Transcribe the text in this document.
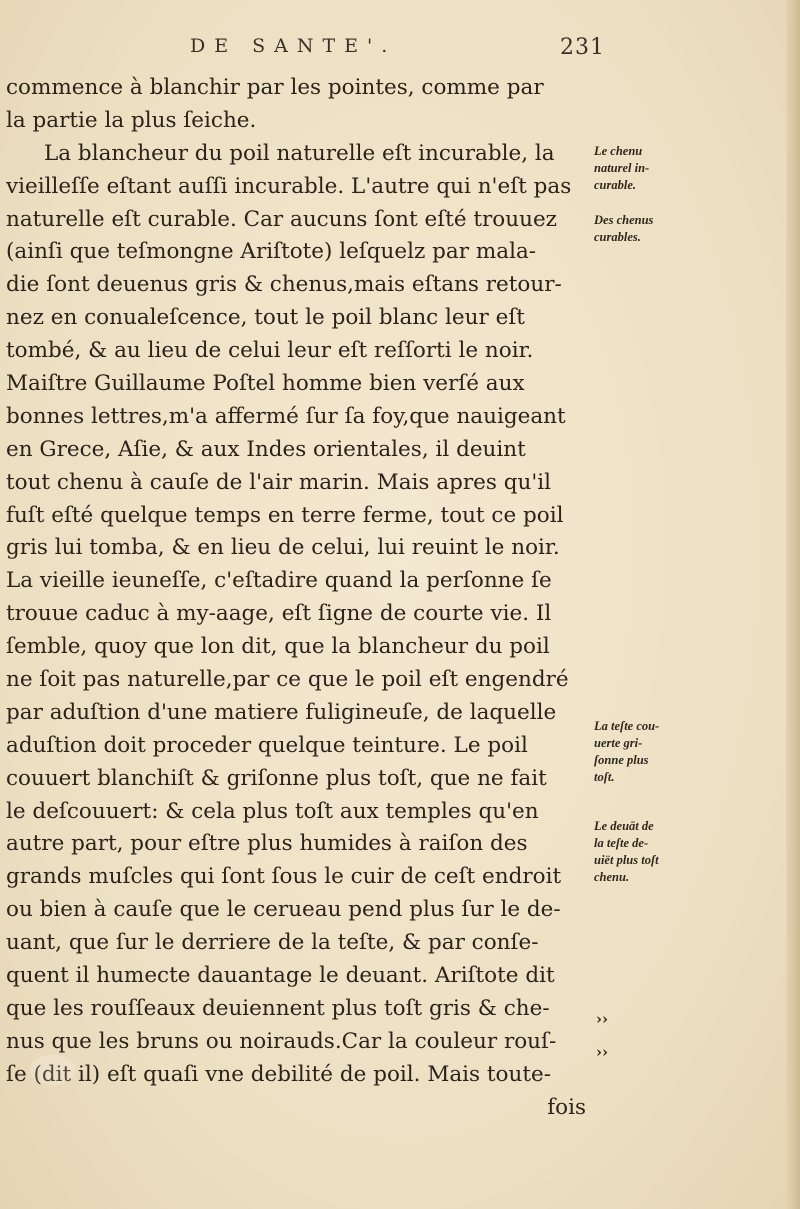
DE SANTE'.	231
commence à blanchir par les pointes, comme par
la partie la plus ſeiche.
La blancheur du poil naturelle eſt incurable, la
vieilleſſe eſtant auſſi incurable. L'autre qui n'eſt pas
naturelle eſt curable. Car aucuns ſont eſté trouuez
(ainſi que teſmongne Ariſtote) leſquelz par mala-
die ſont deuenus gris & chenus,mais eſtans retour-
nez en conualeſcence, tout le poil blanc leur eſt
tombé, & au lieu de celui leur eſt reſſorti le noir.
Maiſtre Guillaume Poſtel homme bien verſé aux
bonnes lettres,m'a affermé ſur ſa foy,que nauigeant
en Grece, Aſie, & aux Indes orientales, il deuint
tout chenu à cauſe de l'air marin. Mais apres qu'il
fuſt eſté quelque temps en terre ferme, tout ce poil
gris lui tomba, & en lieu de celui, lui reuint le noir.
La vieille ieuneſſe, c'eſtadire quand la perſonne ſe
trouue caduc à my-aage, eſt ſigne de courte vie. Il
ſemble, quoy que lon dit, que la blancheur du poil
ne ſoit pas naturelle,par ce que le poil eſt engendré
par aduſtion d'une matiere fuligineuſe, de laquelle
aduſtion doit proceder quelque teinture. Le poil
couuert blanchiſt & griſonne plus toſt, que ne fait
le deſcouuert: & cela plus toſt aux temples qu'en
autre part, pour eſtre plus humides à raiſon des
grands muſcles qui ſont ſous le cuir de ceſt endroit
ou bien à cauſe que le cerueau pend plus ſur le de-
uant, que ſur le derriere de la teſte, & par conſe-
quent il humecte dauantage le deuant. Ariſtote dit
que les rouſſeaux deuiennent plus toſt gris & che-
nus que les bruns ou noirauds.Car la couleur rouſ-
ſe (dit il) eſt quaſi vne debilité de poil. Mais toute-
fois
Le chenu
naturel in-
curable.
Des chenus
curables.
La teſte cou-
uerte gri-
ſonne plus
toſt.
Le deuāt de
la teſte de-
uiët plus toſt
chenu.
››
››
